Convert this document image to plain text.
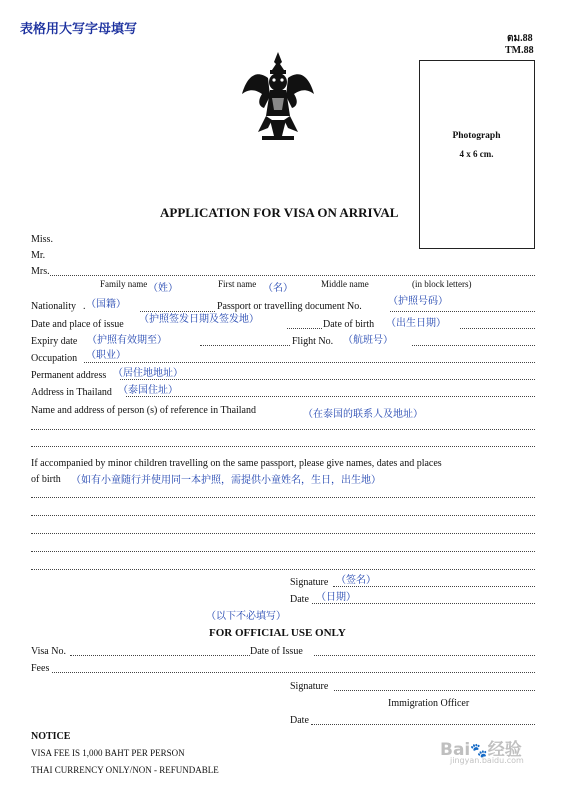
表格用大写字母填写
ตม.88
TM.88
Photograph
4 x 6 cm.
APPLICATION FOR VISA ON ARRIVAL
Miss.
Mr.
Mrs.
Family name （姓）	First name （名）	Middle name	(in block letters)
Nationality . （国籍）	Passport or travelling document No.	（护照号码）
Date and place of issue （护照签发日期及签发地）	Date of birth （出生日期）
Expiry date （护照有效期至）	Flight No. （航班号）
Occupation （职业）
Permanent address （居住地地址）
Address in Thailand （泰国住址）
Name and address of person (s) of reference in Thailand	（在泰国的联系人及地址）
If accompanied by minor children travelling on the same passport, please give names, dates and places
of birth （如有小童随行并使用同一本护照，需提供小童姓名，生日，出生地）
Signature （签名）
Date （日期）
（以下不必填写）
FOR OFFICIAL USE ONLY
Visa No.	Date of Issue
Fees
Signature
Immigration Officer
Date
NOTICE
VISA FEE IS 1,000 BAHT PER PERSON
THAI CURRENCY ONLY/NON - REFUNDABLE
Bai🐾经验
jingyan.baidu.com
